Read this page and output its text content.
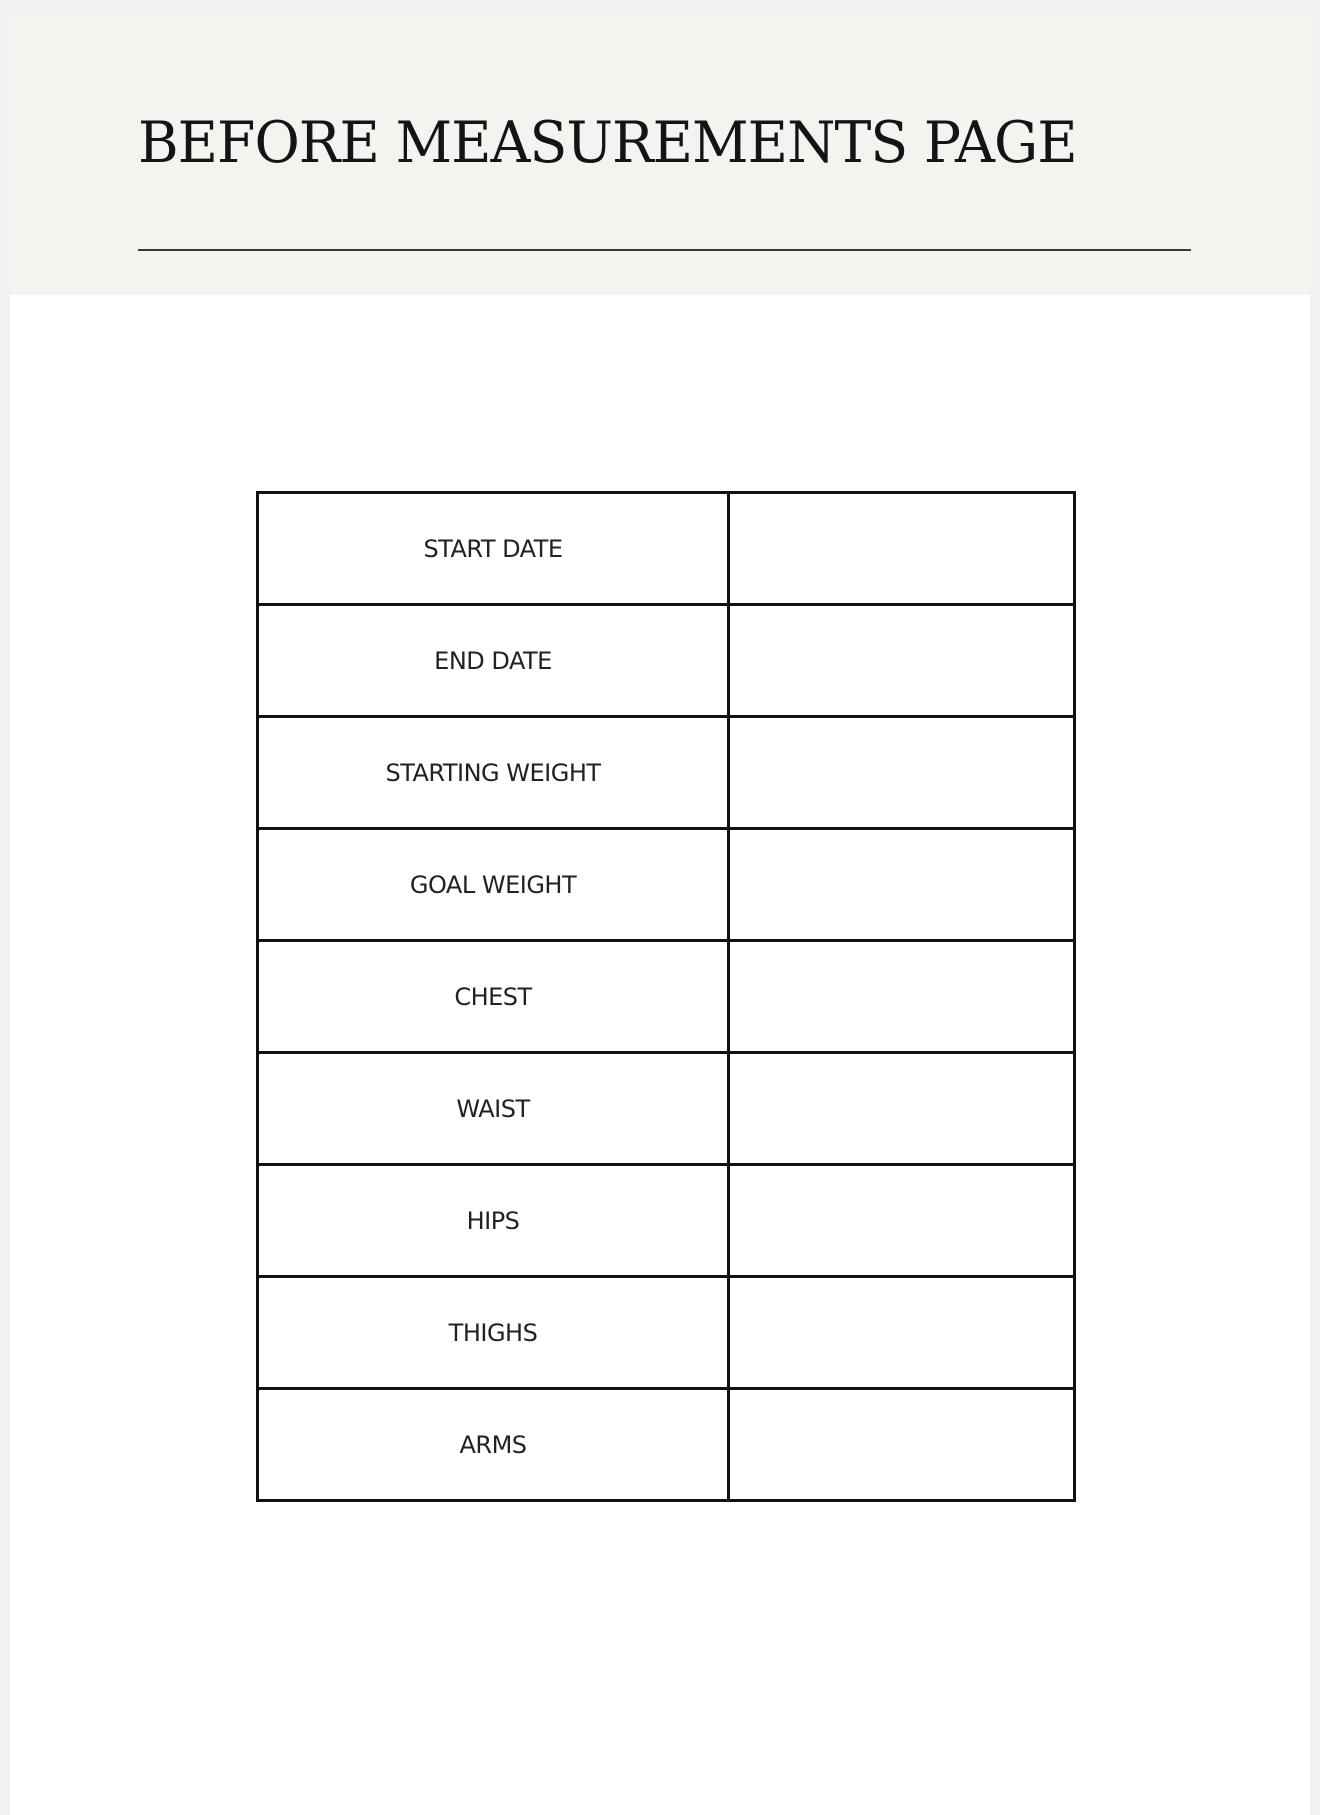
BEFORE MEASUREMENTS PAGE
START DATE	
END DATE	
STARTING WEIGHT	
GOAL WEIGHT	
CHEST	
WAIST	
HIPS	
THIGHS	
ARMS	
